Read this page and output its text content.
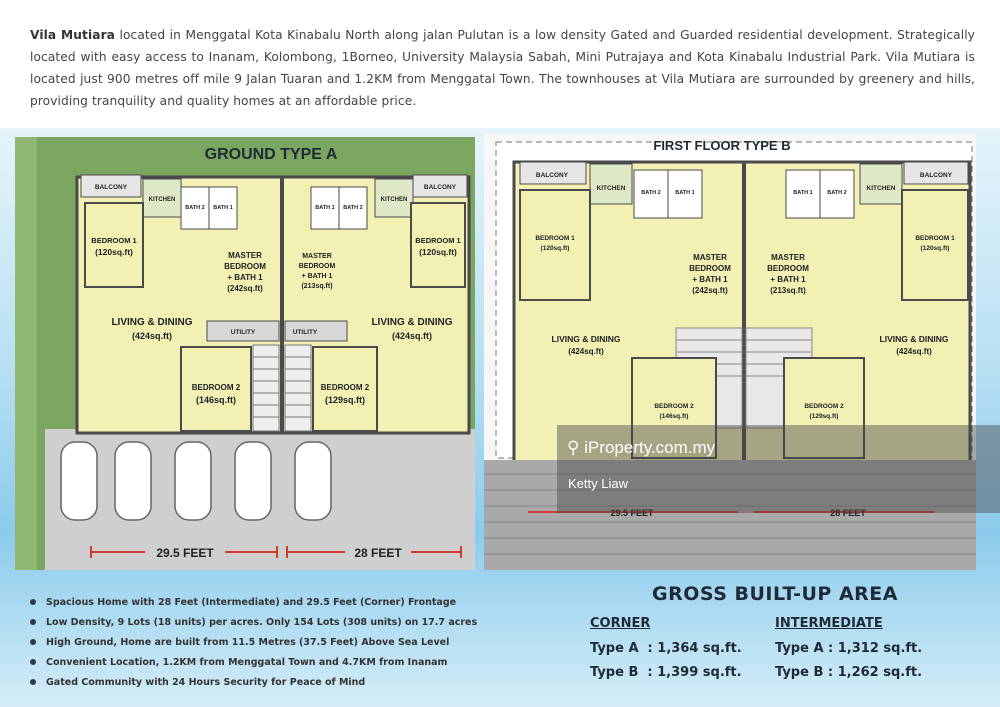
Vila Mutiara located in Menggatal Kota Kinabalu North along jalan Pulutan is a low density Gated and Guarded residential development. Strategically located with easy access to Inanam, Kolombong, 1Borneo, University Malaysia Sabah, Mini Putrajaya and Kota Kinabalu Industrial Park. Vila Mutiara is located just 900 metres off mile 9 Jalan Tuaran and 1.2KM from Menggatal Town. The townhouses at Vila Mutiara are surrounded by greenery and hills, providing tranquility and quality homes at an affordable price.
GROUND TYPE A
BALCONY	BALCONY
KITCHEN	KITCHEN
BATH 2 BATH 1	BATH 1 BATH 2
BEDROOM 1
(120sq.ft)
BEDROOM 1
(120sq.ft)
MASTER
BEDROOM
+ BATH 1
(242sq.ft)
MASTER
BEDROOM
+ BATH 1
(213sq.ft)
LIVING & DINING
(424sq.ft)
LIVING & DINING
(424sq.ft)
UTILITY	UTILITY
BEDROOM 2
(146sq.ft)
BEDROOM 2
(129sq.ft)
29.5 FEET	28 FEET
FIRST FLOOR TYPE B
BALCONY	BALCONY
KITCHEN	KITCHEN
BATH 2	BATH 1	BATH 1	BATH 2
BEDROOM 1
(120sq.ft)
BEDROOM 1
(120sq.ft)
MASTER
BEDROOM
+ BATH 1
(242sq.ft)
MASTER
BEDROOM
+ BATH 1
(213sq.ft)
LIVING & DINING
(424sq.ft)
LIVING & DINING
(424sq.ft)
BEDROOM 2
(146sq.ft)
BEDROOM 2
(129sq.ft)
29.5 FEET	28 FEET
⚲ iProperty.com.my
Ketty Liaw
Spacious Home with 28 Feet (Intermediate) and 29.5 Feet (Corner) Frontage
Low Density, 9 Lots (18 units) per acres. Only 154 Lots (308 units) on 17.7 acres
High Ground, Home are built from 11.5 Metres (37.5 Feet) Above Sea Level
Convenient Location, 1.2KM from Menggatal Town and 4.7KM from Inanam
Gated Community with 24 Hours Security for Peace of Mind
GROSS BUILT-UP AREA
CORNER
Type A  : 1,364 sq.ft.
Type B  : 1,399 sq.ft.
INTERMEDIATE
Type A : 1,312 sq.ft.
Type B : 1,262 sq.ft.
